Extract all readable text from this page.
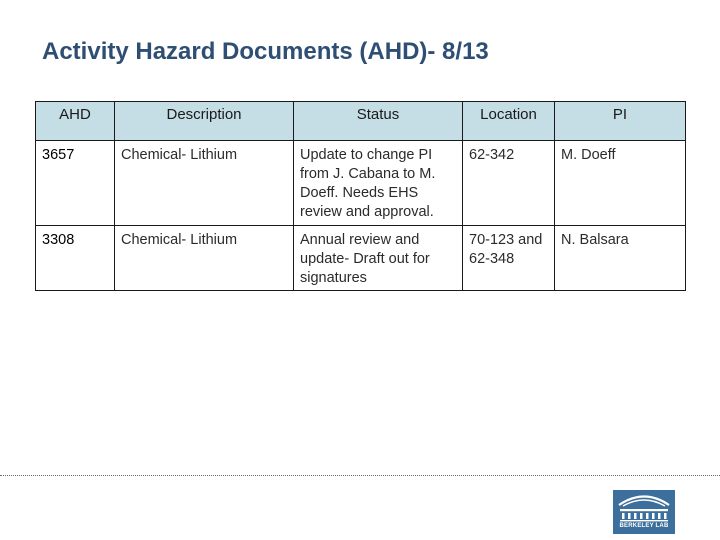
Activity Hazard Documents (AHD)- 8/13
AHD	Description	Status	Location	PI
3657	Chemical- Lithium	Update to change PI from J. Cabana to M. Doeff. Needs EHS review and approval.	62-342	M. Doeff
3308	Chemical- Lithium	Annual review and update- Draft out for signatures	70-123 and 62-348	N. Balsara
BERKELEY LAB
